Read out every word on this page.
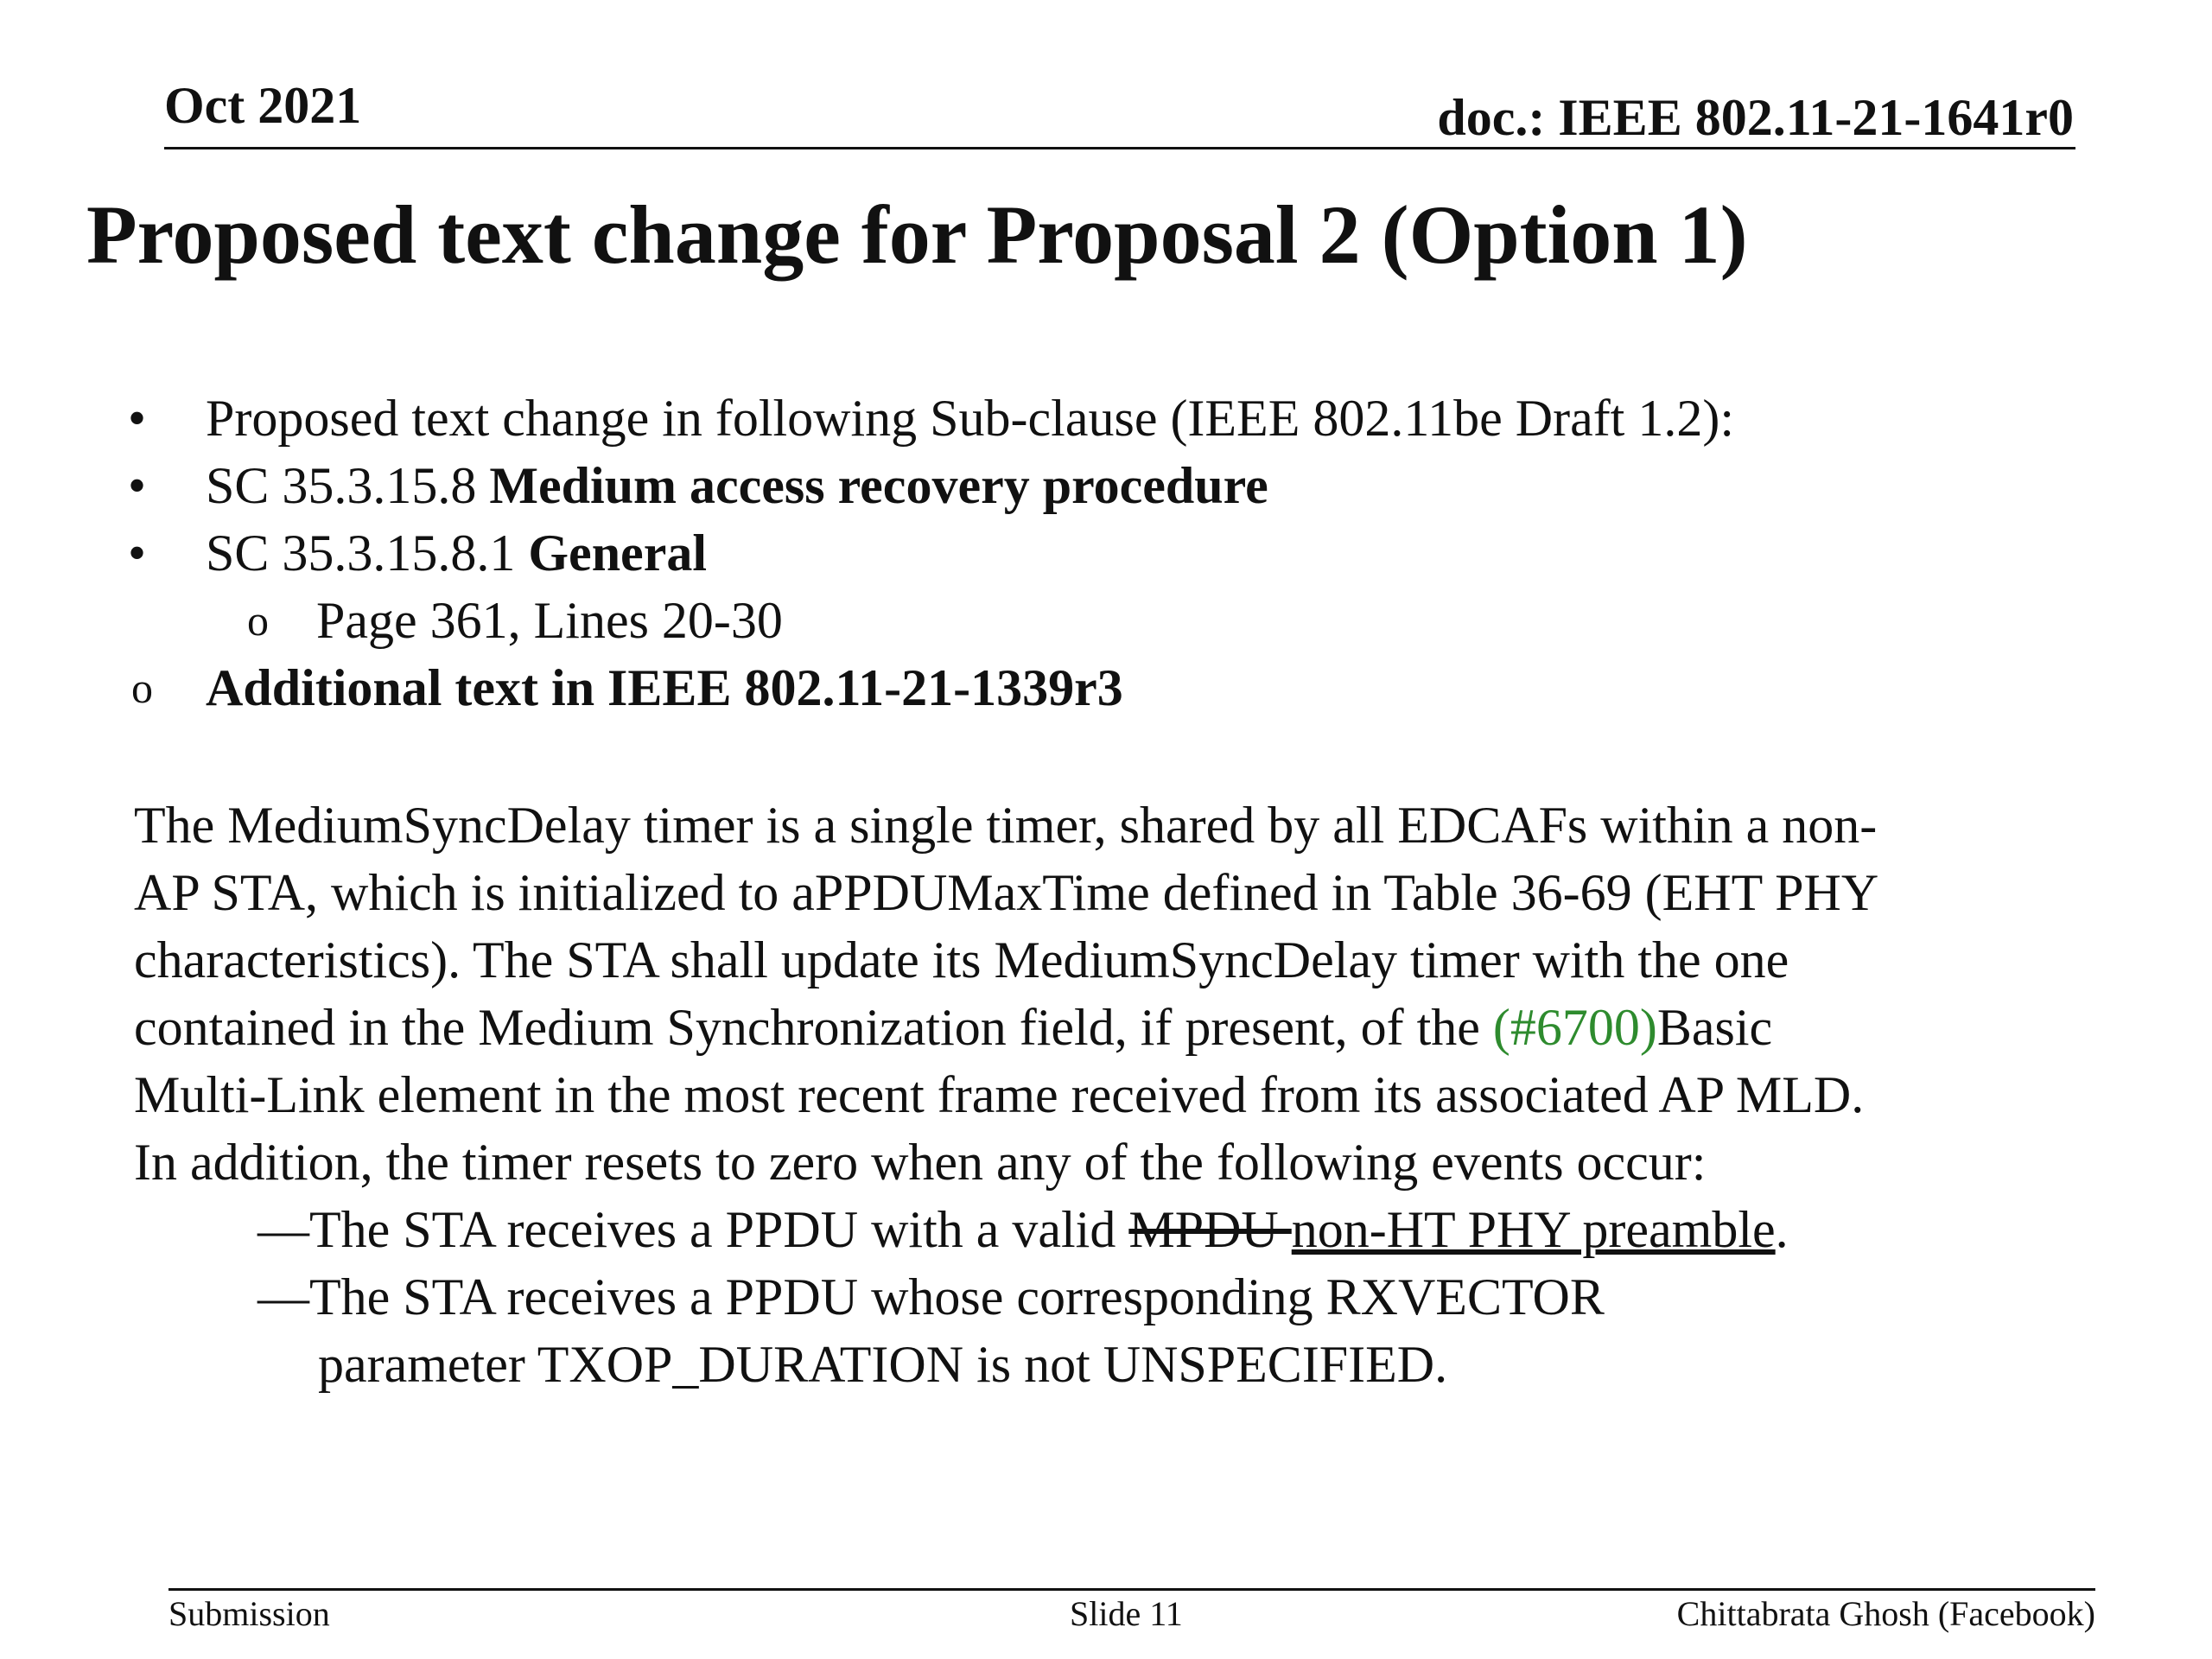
Oct 2021	doc.: IEEE 802.11-21-1641r0
Proposed text change for Proposal 2 (Option 1)
•	Proposed text change in following Sub-clause (IEEE 802.11be Draft 1.2):
•	SC 35.3.15.8 Medium access recovery procedure
•	SC 35.3.15.8.1 General
o Page 361, Lines 20-30
o	Additional text in IEEE 802.11-21-1339r3
The MediumSyncDelay timer is a single timer, shared by all EDCAFs within a non-
AP STA, which is initialized to aPPDUMaxTime defined in Table 36-69 (EHT PHY
characteristics). The STA shall update its MediumSyncDelay timer with the one
contained in the Medium Synchronization field, if present, of the (#6700)Basic
Multi-Link element in the most recent frame received from its associated AP MLD.
In addition, the timer resets to zero when any of the following events occur:
—The STA receives a PPDU with a valid MPDU non-HT PHY preamble.
—The STA receives a PPDU whose corresponding RXVECTOR
parameter TXOP_DURATION is not UNSPECIFIED.
Submission	Slide 11	Chittabrata Ghosh (Facebook)
